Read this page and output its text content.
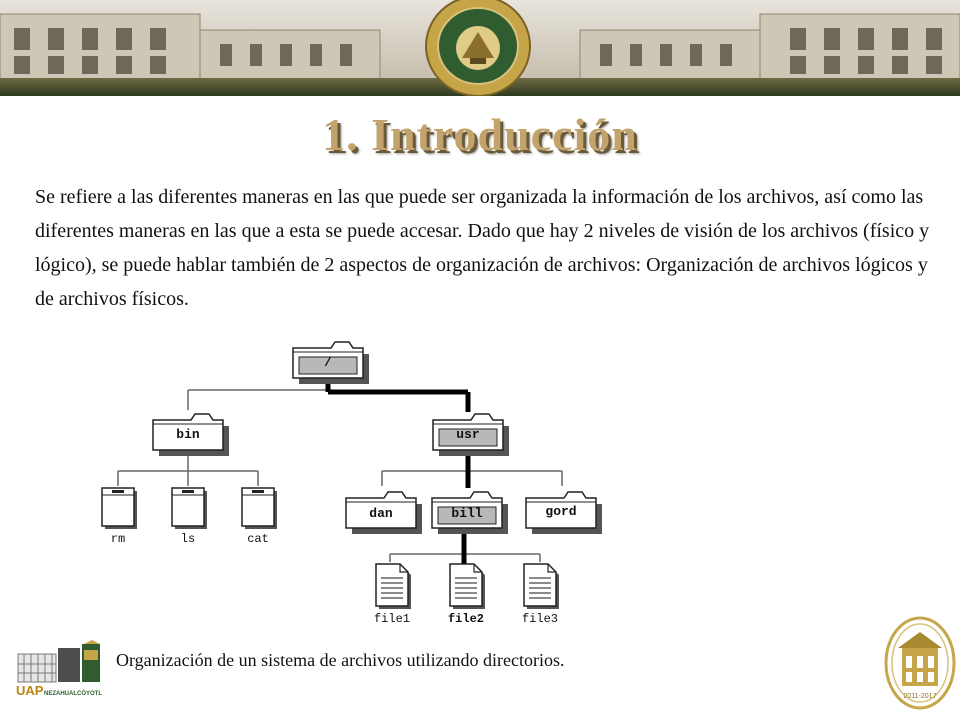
1. Introducción

Se refiere a las diferentes maneras en las que puede ser organizada la información de los archivos, así como las diferentes maneras en las que a esta se puede accesar. Dado que hay 2 niveles de visión de los archivos (físico y lógico), se puede hablar también de 2 aspectos de organización de archivos: Organización de archivos lógicos y de archivos físicos.

/
bin	usr
rm	ls	cat
dan	bill	gord
file1	file2	file3
Organización de un sistema de archivos utilizando directorios.
UAP NEZAHUALCÓYOTL	2011-2017
